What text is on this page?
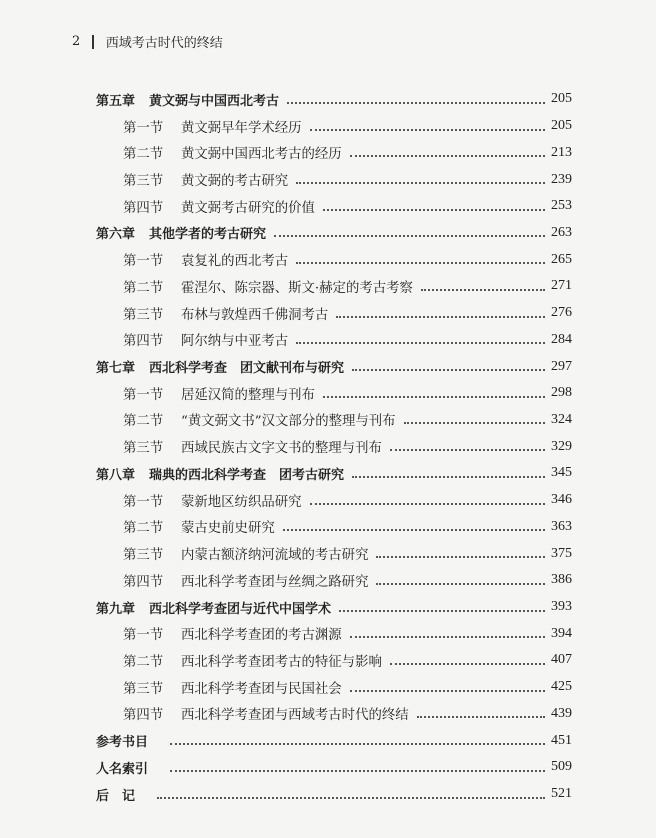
2 西域考古时代的终结
第五章 黄文弼与中国西北考古	205
第一节	黄文弼早年学术经历	205
第二节	黄文弼中国西北考古的经历	213
第三节	黄文弼的考古研究	239
第四节	黄文弼考古研究的价值	253
第六章 其他学者的考古研究	263
第一节	袁复礼的西北考古	265
第二节	霍涅尔、陈宗器、斯文·赫定的考古考察	271
第三节	布林与敦煌西千佛洞考古	276
第四节	阿尔纳与中亚考古	284
第七章 西北科学考查　团文献刊布与研究	297
第一节	居延汉简的整理与刊布	298
第二节	“黄文弼文书”汉文部分的整理与刊布	324
第三节	西域民族古文字文书的整理与刊布	329
第八章 瑞典的西北科学考查　团考古研究	345
第一节	蒙新地区纺织品研究	346
第二节	蒙古史前史研究	363
第三节	内蒙古额济纳河流域的考古研究	375
第四节	西北科学考查团与丝绸之路研究	386
第九章 西北科学考查团与近代中国学术	393
第一节	西北科学考查团的考古渊源	394
第二节	西北科学考查团考古的特征与影响	407
第三节	西北科学考查团与民国社会	425
第四节	西北科学考查团与西域考古时代的终结	439
参考书目	451
人名索引	509
后　记	521
